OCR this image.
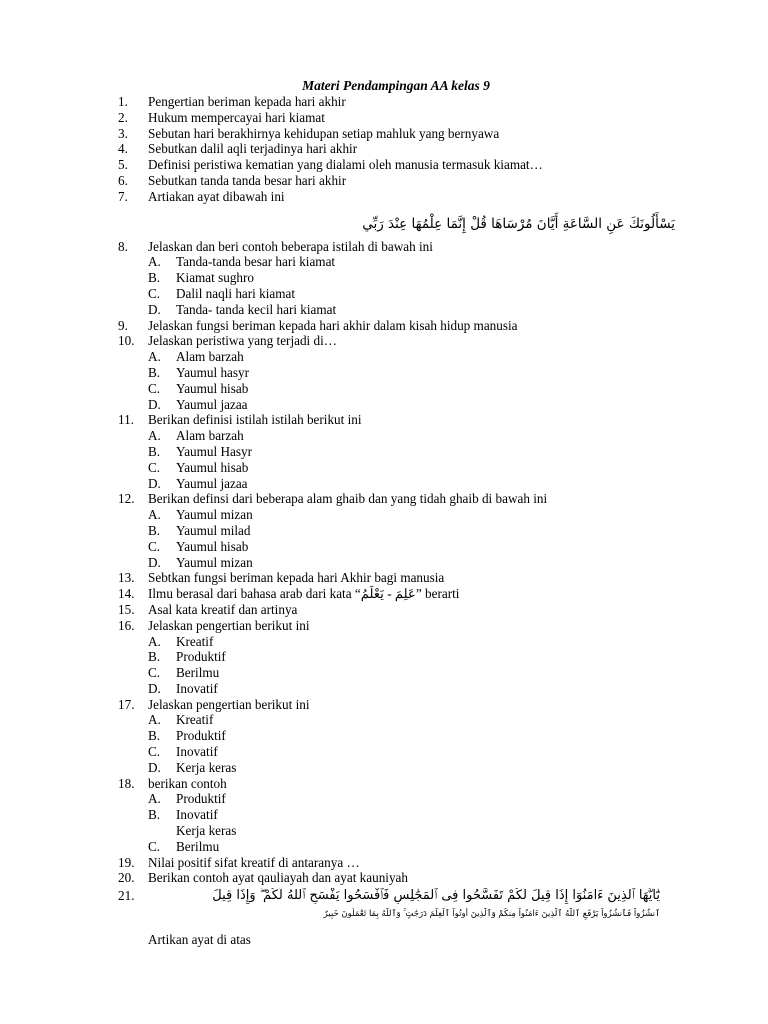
Materi Pendampingan AA kelas 9
1. Pengertian beriman kepada hari akhir
2. Hukum mempercayai hari kiamat
3. Sebutan hari berakhirnya kehidupan setiap mahluk yang bernyawa
4. Sebutkan dalil aqli terjadinya hari akhir
5. Definisi peristiwa kematian yang dialami oleh manusia termasuk kiamat…
6. Sebutkan tanda tanda besar hari akhir
7. Artiakan ayat dibawah ini
يَسْأَلُونَكَ عَنِ السَّاعَةِ أَيَّانَ مُرْسَاهَا قُلْ إِنَّمَا عِلْمُهَا عِنْدَ رَبِّي
8. Jelaskan dan beri contoh beberapa istilah di bawah ini
A. Tanda-tanda besar hari kiamat
B. Kiamat sughro
C. Dalil naqli hari kiamat
D. Tanda- tanda kecil hari kiamat
9. Jelaskan fungsi beriman kepada hari akhir dalam kisah hidup manusia
10. Jelaskan peristiwa yang terjadi di…
A. Alam barzah
B. Yaumul hasyr
C. Yaumul hisab
D. Yaumul jazaa
11. Berikan definisi istilah istilah berikut ini
A. Alam barzah
B. Yaumul Hasyr
C. Yaumul hisab
D. Yaumul jazaa
12. Berikan definsi dari beberapa alam ghaib dan yang tidah ghaib di bawah ini
A. Yaumul mizan
B. Yaumul milad
C. Yaumul hisab
D. Yaumul mizan
13. Sebtkan fungsi beriman kepada hari Akhir bagi manusia
14. Ilmu berasal dari bahasa arab dari kata “عَلِمَ - يَعْلَمُ” berarti
15. Asal kata kreatif dan artinya
16. Jelaskan pengertian berikut ini
A. Kreatif
B. Produktif
C. Berilmu
D. Inovatif
17. Jelaskan pengertian berikut ini
A. Kreatif
B. Produktif
C. Inovatif
D. Kerja keras
18. berikan contoh
A. Produktif
B. Inovatif
Kerja keras
C. Berilmu
19. Nilai positif sifat kreatif di antaranya …
20. Berikan contoh ayat qauliayah dan ayat kauniyah
21.	يَٰٓأَيُّهَا ٱلَّذِينَ ءَامَنُوٓاْ إِذَا قِيلَ لَكُمْ تَفَسَّحُواْ فِى ٱلْمَجَٰلِسِ فَٱفْسَحُواْ يَفْسَحِ ٱللَّهُ لَكُمْ ۖ وَإِذَا قِيلَ
ٱنشُزُواْ فَٱنشُزُواْ يَرْفَعِ ٱللَّهُ ٱلَّذِينَ ءَامَنُواْ مِنكُمْ وَٱلَّذِينَ أُوتُواْ ٱلْعِلْمَ دَرَجَٰتٍ ۚ وَٱللَّهُ بِمَا تَعْمَلُونَ خَبِيرٌ
Artikan ayat di atas
